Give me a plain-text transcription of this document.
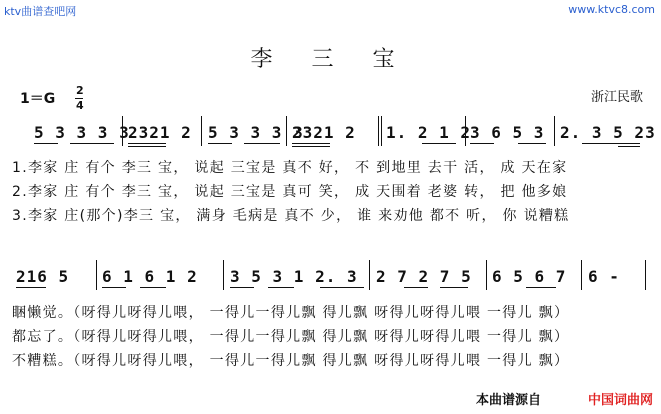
ktv曲谱查吧网	www.ktvc8.com
李 三 宝
1＝G
2
4
浙江民歌
5 3 3 3 3
2321 2 5 3 3 3 3
2321 2 1. 2 1 2
3 6 5 3 2. 3 5 23
1.李家 庄 有个 李三 宝， 说起 三宝是 真不 好， 不 到地里 去干 活， 成 天在家
2.李家 庄 有个 李三 宝， 说起 三宝是 真可 笑， 成 天围着 老婆 转， 把 他多娘
3.李家 庄(那个)李三 宝， 满身 毛病是 真不 少， 谁 来劝他 都不 听， 你 说糟糕
216 5 6 1 6 1 2 3 5 3 1 2. 3 2 7 2 7 5 6 5 6 7 6 -
睏懒觉。（呀得儿呀得儿喂， 一得儿一得儿飘 得儿飘 呀得儿呀得儿喂 一得儿 飘）
都忘了。（呀得儿呀得儿喂， 一得儿一得儿飘 得儿飘 呀得儿呀得儿喂 一得儿 飘）
不糟糕。（呀得儿呀得儿喂， 一得儿一得儿飘 得儿飘 呀得儿呀得儿喂 一得儿 飘）
本曲谱源自	中国词曲网
